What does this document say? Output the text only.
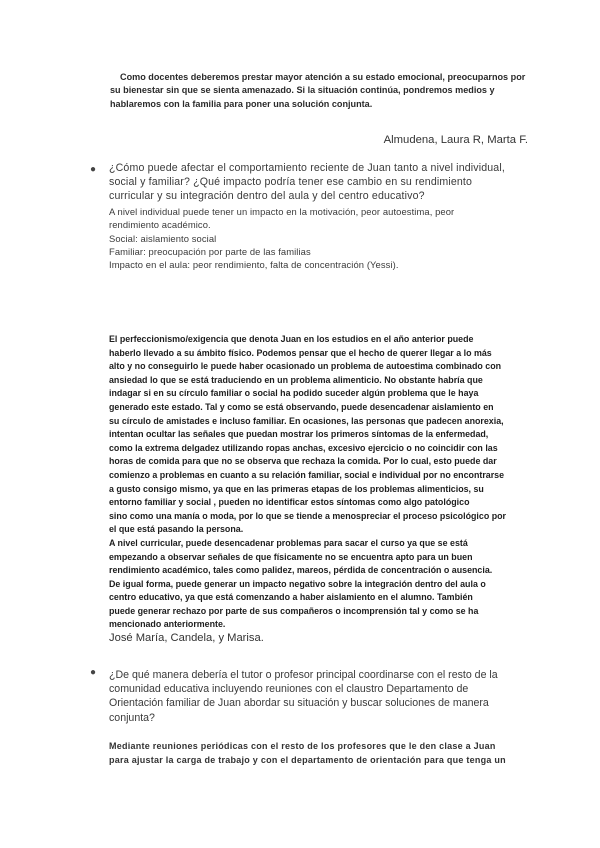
Como docentes deberemos prestar mayor atención a su estado emocional, preocuparnos por su bienestar sin que se sienta amenazado. Si la situación continúa, pondremos medios y hablaremos con la familia para poner una solución conjunta.
Almudena, Laura R, Marta F.
● ¿Cómo puede afectar el comportamiento reciente de Juan tanto a nivel individual,
social y familiar? ¿Qué impacto podría tener ese cambio en su rendimiento
curricular y su integración dentro del aula y del centro educativo?
A nivel individual puede tener un impacto en la motivación, peor autoestima, peor
rendimiento académico.
Social: aislamiento social
Familiar: preocupación por parte de las familias
Impacto en el aula: peor rendimiento, falta de concentración (Yessi).
El perfeccionismo/exigencia que denota Juan en los estudios en el año anterior puede
haberlo llevado a su ámbito físico. Podemos pensar que el hecho de querer llegar a lo más
alto y no conseguirlo le puede haber ocasionado un problema de autoestima combinado con
ansiedad lo que se está traduciendo en un problema alimenticio. No obstante habría que
indagar si en su círculo familiar o social ha podido suceder algún problema que le haya
generado este estado. Tal y como se está observando, puede desencadenar aislamiento en
su círculo de amistades e incluso familiar. En ocasiones, las personas que padecen anorexia,
intentan ocultar las señales que puedan mostrar los primeros síntomas de la enfermedad,
como la extrema delgadez utilizando ropas anchas, excesivo ejercicio o no coincidir con las
horas de comida para que no se observa que rechaza la comida. Por lo cual, esto puede dar
comienzo a problemas en cuanto a su relación familiar, social e individual por no encontrarse
a gusto consigo mismo, ya que en las primeras etapas de los problemas alimenticios, su
entorno familiar y social , pueden no identificar estos síntomas como algo patológico
sino como una manía o moda, por lo que se tiende a menospreciar el proceso psicológico por
el que está pasando la persona.
A nivel curricular, puede desencadenar problemas para sacar el curso ya que se está
empezando a observar señales de que físicamente no se encuentra apto para un buen
rendimiento académico, tales como palidez, mareos, pérdida de concentración o ausencia.
De igual forma, puede generar un impacto negativo sobre la integración dentro del aula o
centro educativo, ya que está comenzando a haber aislamiento en el alumno. También
puede generar rechazo por parte de sus compañeros o incomprensión tal y como se ha
mencionado anteriormente.
José María, Candela, y Marisa.
● ¿De qué manera debería el tutor o profesor principal coordinarse con el resto de la
comunidad educativa incluyendo reuniones con el claustro Departamento de
Orientación familiar de Juan abordar su situación y buscar soluciones de manera
conjunta?
Mediante reuniones periódicas con el resto de los profesores que le den clase a Juan
para ajustar la carga de trabajo y con el departamento de orientación para que tenga un
